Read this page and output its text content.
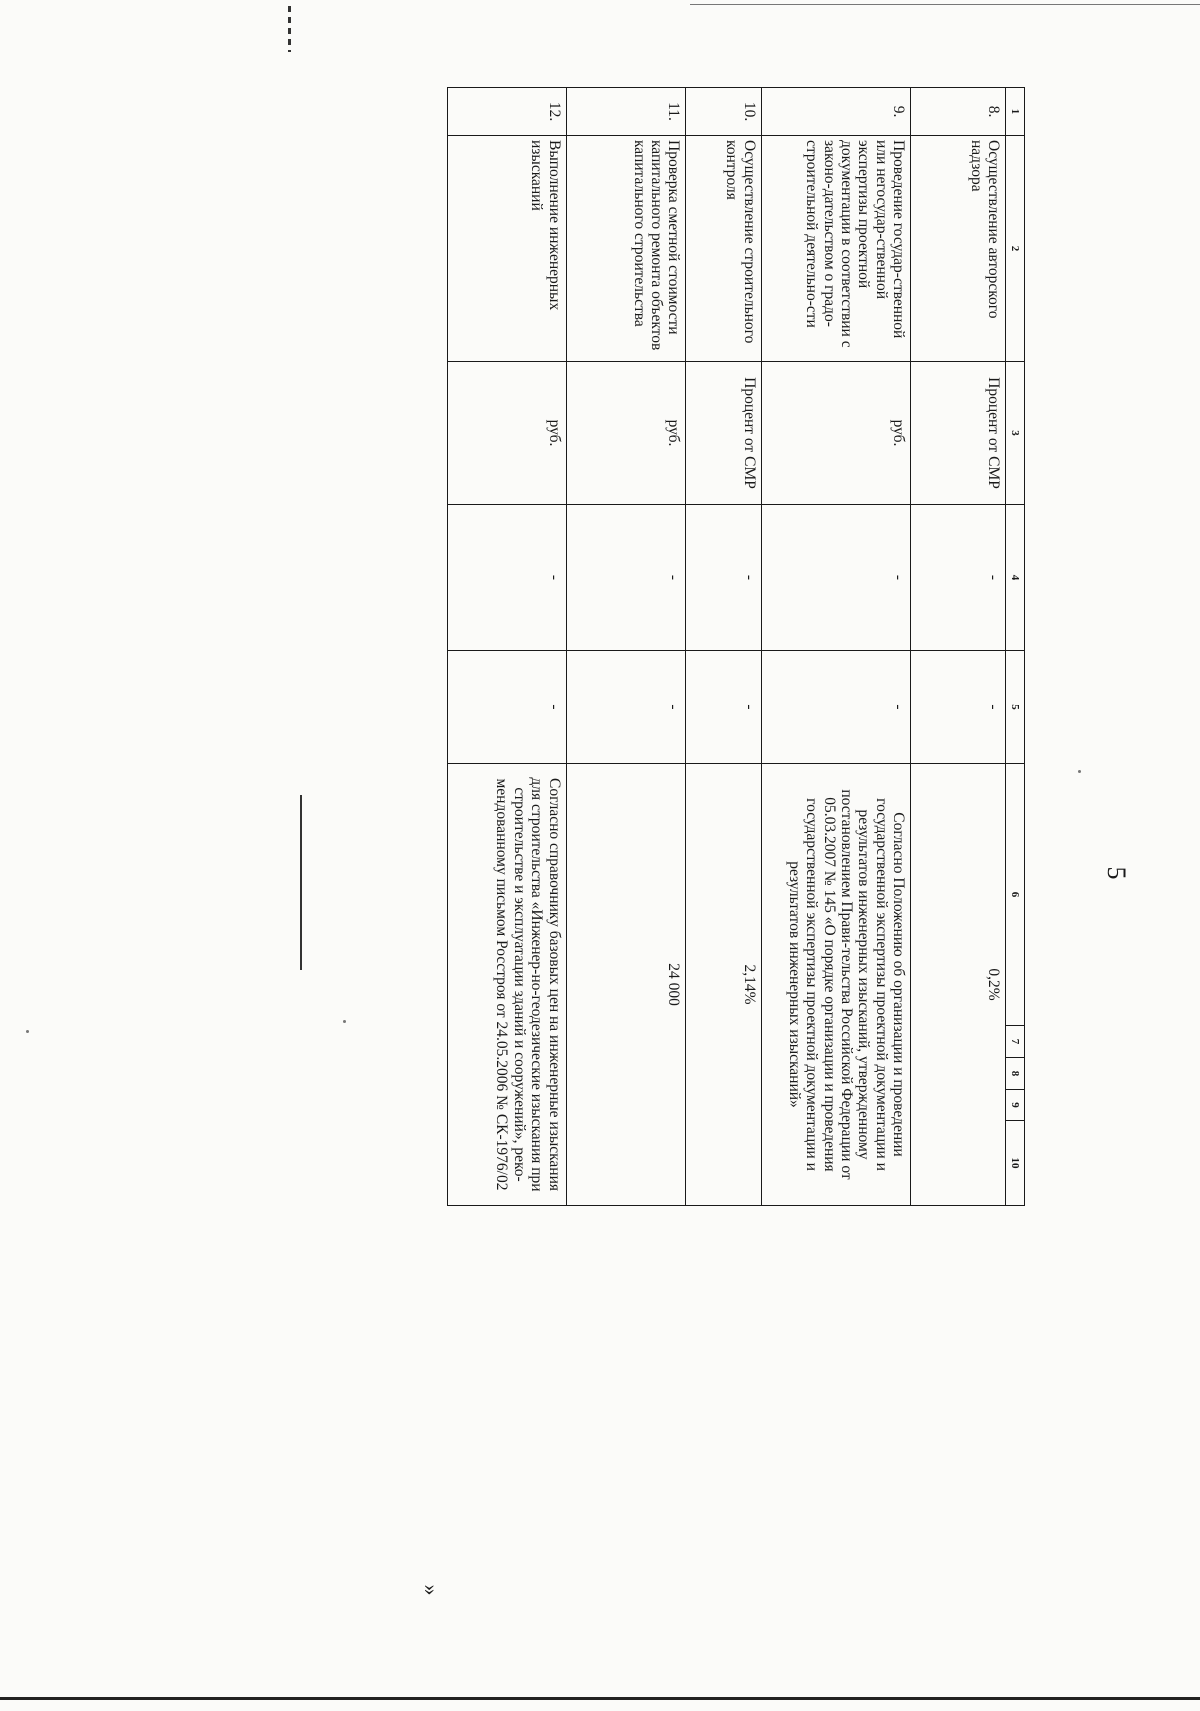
5
»
1	2	3	4	5	6	7	8	9	10
8.	Осуществление авторского надзора	Процент от СМР	-	-	0,2%				
9.	Проведение государ-ственной или негосудар-ственной экспертизы проектной документации в соответствии с законо-дательством о градо-строительной деятельно-сти	руб.	-	-	Согласно Положению об организации и проведении государственной экспертизы проектной документации и результатов инженерных изысканий, утвержденному постановлением Прави-тельства Российской Федерации от 05.03.2007 № 145 «О порядке организации и проведения государственной экспертизы проектной документации и результатов инженерных изысканий»				
10.	Осуществление строительного контроля	Процент от СМР	-	-	2,14%				
11.	Проверка сметной стоимости капитального ремонта объектов капитального строительства	руб.	-	-	24 000				
12.	Выполнение инженерных изысканий	руб.	-	-	Согласно справочнику базовых цен на инженерные изыскания для строительства «Инженер-но-геодезические изыскания при строительстве и эксплуатации зданий и сооружений», реко-мендованному письмом Росстроя от 24.05.2006 № СК-1976/02				
